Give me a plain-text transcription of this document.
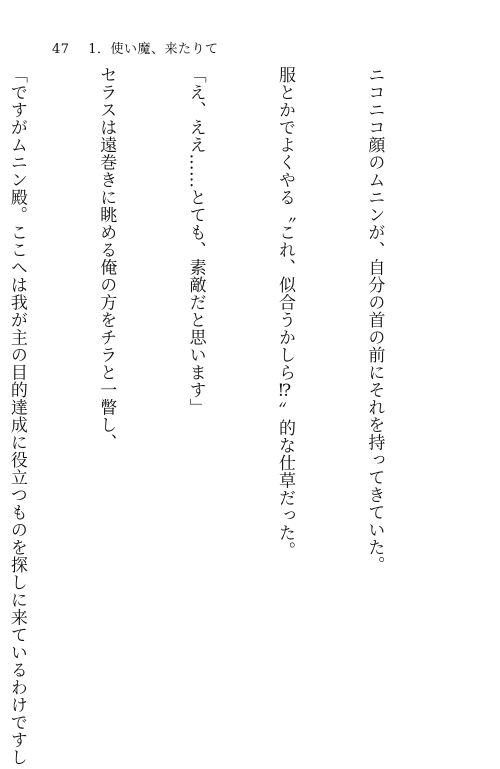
47 1．使い魔、来たりて

ニコニコ顔のムニンが、自分の首の前にそれを持ってきていた。

服とかでよくやる〝これ、似合うかしら⁉〟的な仕草だった。

「え、ええ……とても、素敵だと思います」

セラスは遠巻きに眺める俺の方をチラと一瞥し、

「ですがムニン殿。ここへは我が主の目的達成に役立つものを探しに来ているわけですし
